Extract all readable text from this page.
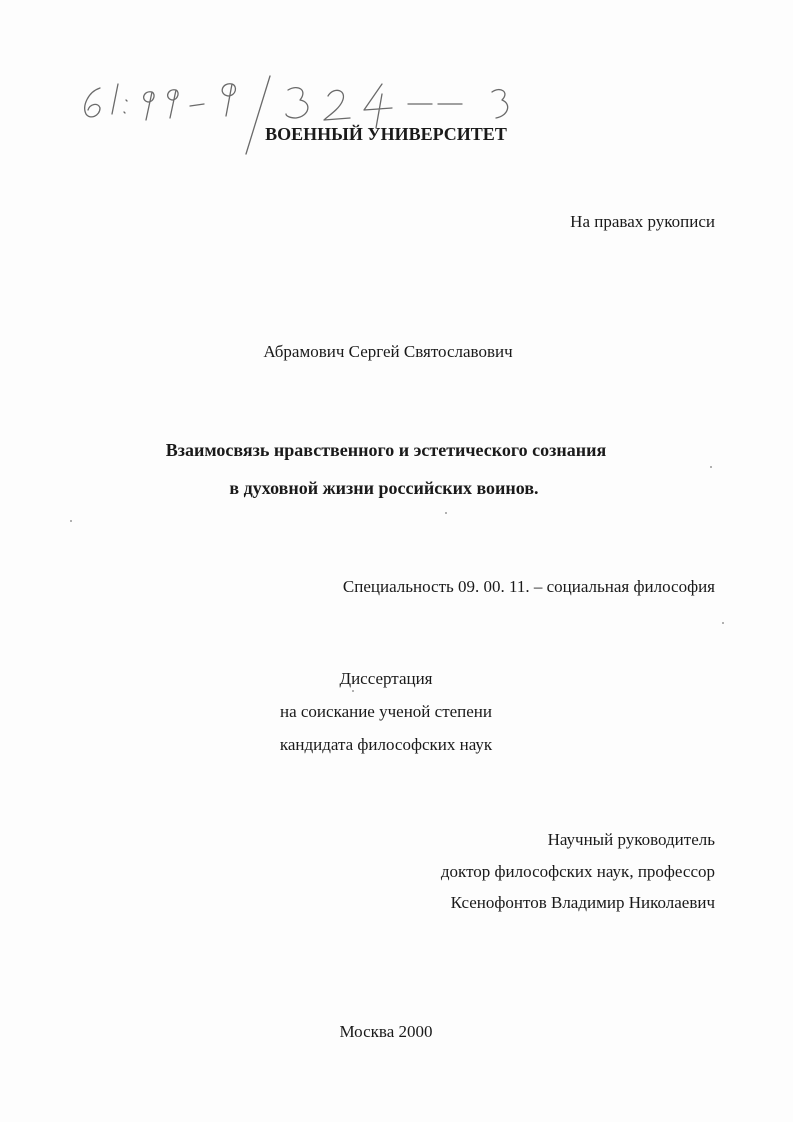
ВОЕННЫЙ УНИВЕРСИТЕТ
На правах рукописи
Абрамович Сергей Святославович
Взаимосвязь нравственного и эстетического сознания
в духовной жизни российских воинов.
Специальность 09. 00. 11. – социальная философия
Диссертация
на соискание ученой степени
кандидата философских наук
Научный руководитель
доктор философских наук, профессор
Ксенофонтов Владимир Николаевич
Москва 2000
